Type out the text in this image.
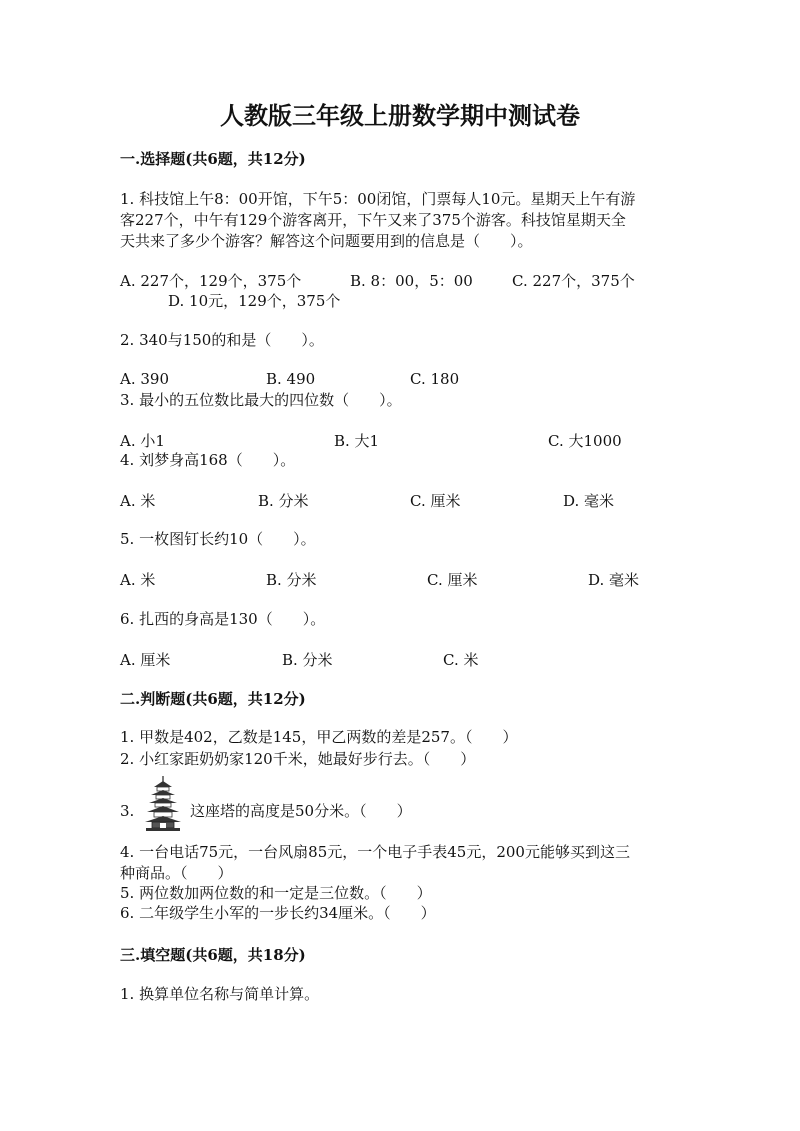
人教版三年级上册数学期中测试卷
一.选择题(共6题，共12分)
1. 科技馆上午8：00开馆，下午5：00闭馆，门票每人10元。星期天上午有游
客227个，中午有129个游客离开，下午又来了375个游客。科技馆星期天全
天共来了多少个游客？解答这个问题要用到的信息是（　　）。
A. 227个，129个，375个	B. 8：00，5：00	C. 227个，375个
D. 10元，129个，375个
2. 340与150的和是（　　）。
A. 390	B. 490	C. 180
3. 最小的五位数比最大的四位数（　　）。
A. 小1	B. 大1	C. 大1000
4. 刘梦身高168（　　）。
A. 米	B. 分米	C. 厘米	D. 毫米
5. 一枚图钉长约10（　　）。
A. 米	B. 分米	C. 厘米	D. 毫米
6. 扎西的身高是130（　　）。
A. 厘米	B. 分米	C. 米
二.判断题(共6题，共12分)
1. 甲数是402，乙数是145，甲乙两数的差是257。（　　）
2. 小红家距奶奶家120千米，她最好步行去。（　　）
3.	这座塔的高度是50分米。（　　）
4. 一台电话75元，一台风扇85元，一个电子手表45元，200元能够买到这三
种商品。（　　）
5. 两位数加两位数的和一定是三位数。（　　）
6. 二年级学生小军的一步长约34厘米。（　　）
三.填空题(共6题，共18分)
1. 换算单位名称与简单计算。
